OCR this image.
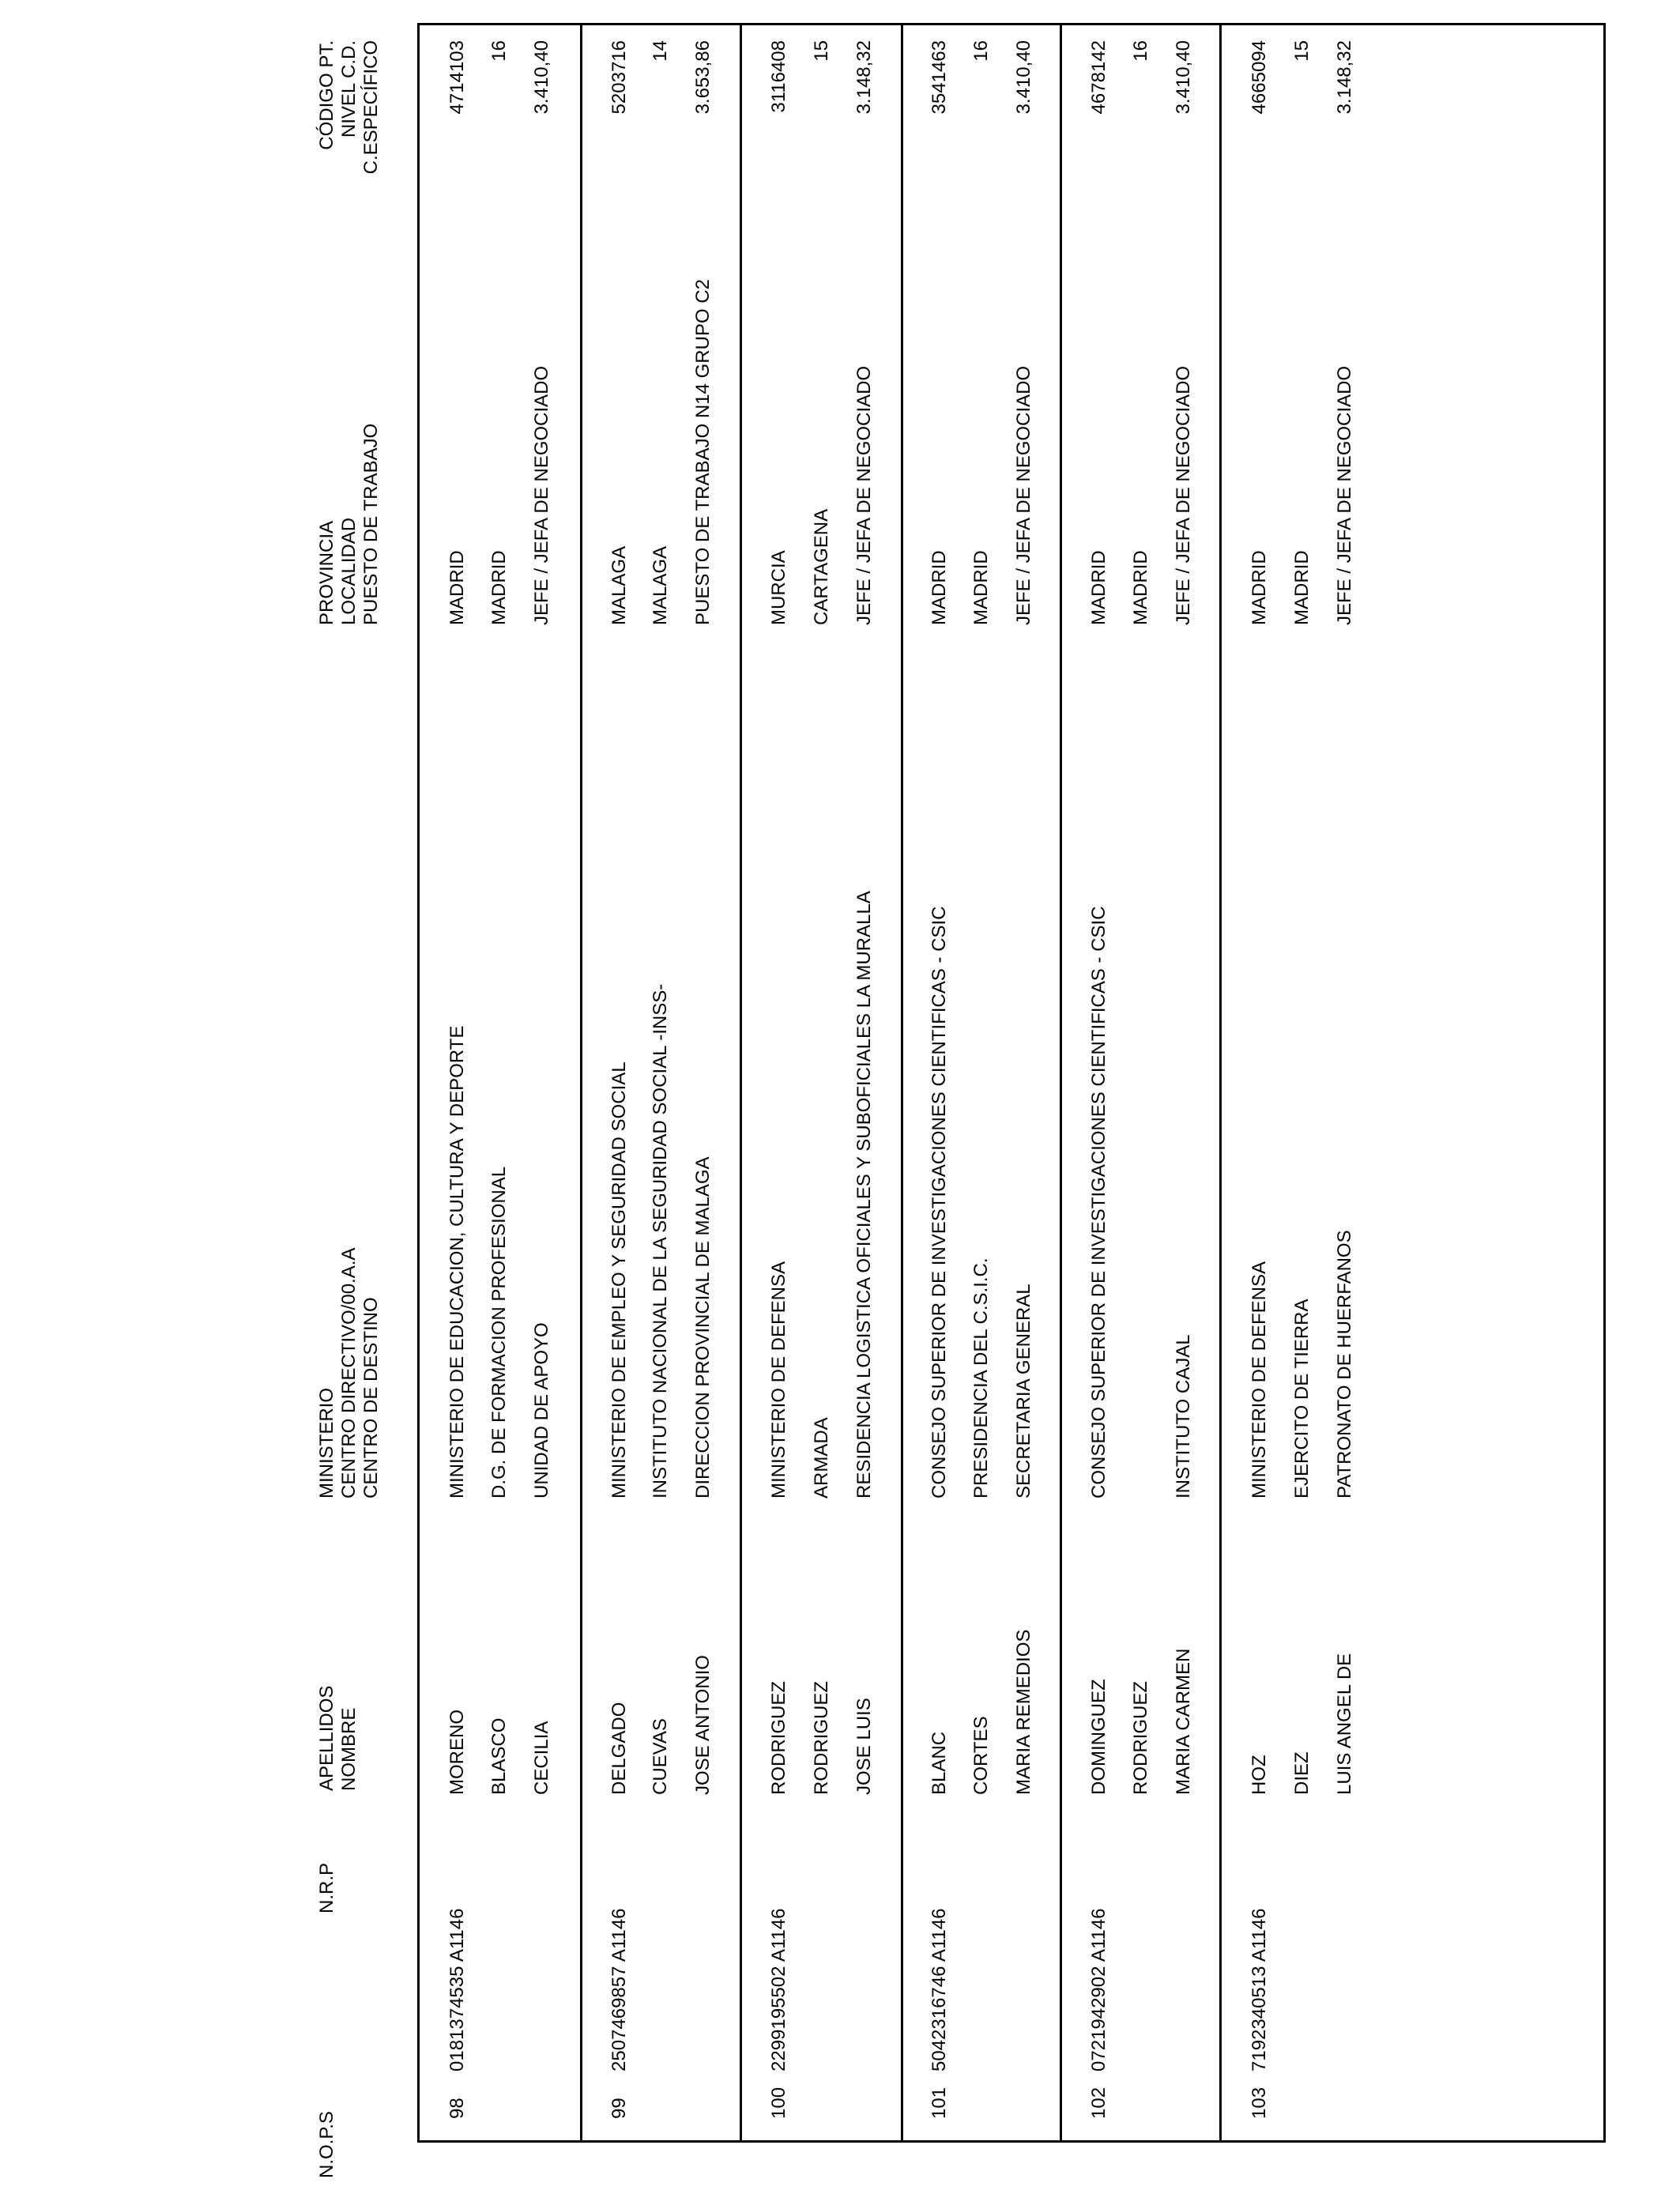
N.O.P.S
N.R.P
APELLIDOS NOMBRE
MINISTERIO CENTRO DIRECTIVO/00.A.A CENTRO DE DESTINO
PROVINCIA LOCALIDAD PUESTO DE TRABAJO
CÓDIGO PT. NIVEL C.D. C.ESPECÍFICO
98
0181374535 A1146
MORENO BLASCO CECILIA
MINISTERIO DE EDUCACION, CULTURA Y DEPORTE D.G. DE FORMACION PROFESIONAL UNIDAD DE APOYO
MADRID MADRID JEFE / JEFA DE NEGOCIADO
4714103 16 3.410,40
99
2507469857 A1146
DELGADO CUEVAS JOSE ANTONIO
MINISTERIO DE EMPLEO Y SEGURIDAD SOCIAL INSTITUTO NACIONAL DE LA SEGURIDAD SOCIAL -INSS- DIRECCION PROVINCIAL DE MALAGA
MALAGA MALAGA PUESTO DE TRABAJO N14 GRUPO C2
5203716 14 3.653,86
100
2299195502 A1146
RODRIGUEZ RODRIGUEZ JOSE LUIS
MINISTERIO DE DEFENSA ARMADA RESIDENCIA LOGISTICA OFICIALES Y SUBOFICIALES LA MURALLA
MURCIA CARTAGENA JEFE / JEFA DE NEGOCIADO
3116408 15 3.148,32
101
5042316746 A1146
BLANC CORTES MARIA REMEDIOS
CONSEJO SUPERIOR DE INVESTIGACIONES CIENTIFICAS - CSIC PRESIDENCIA DEL C.S.I.C. SECRETARIA GENERAL
MADRID MADRID JEFE / JEFA DE NEGOCIADO
3541463 16 3.410,40
102
0721942902 A1146
DOMINGUEZ RODRIGUEZ MARIA CARMEN
CONSEJO SUPERIOR DE INVESTIGACIONES CIENTIFICAS - CSIC	INSTITUTO CAJAL
MADRID MADRID JEFE / JEFA DE NEGOCIADO
4678142 16 3.410,40
103
7192340513 A1146
HOZ DIEZ LUIS ANGEL DE
MINISTERIO DE DEFENSA EJERCITO DE TIERRA PATRONATO DE HUERFANOS
MADRID MADRID JEFE / JEFA DE NEGOCIADO
4665094 15 3.148,32
